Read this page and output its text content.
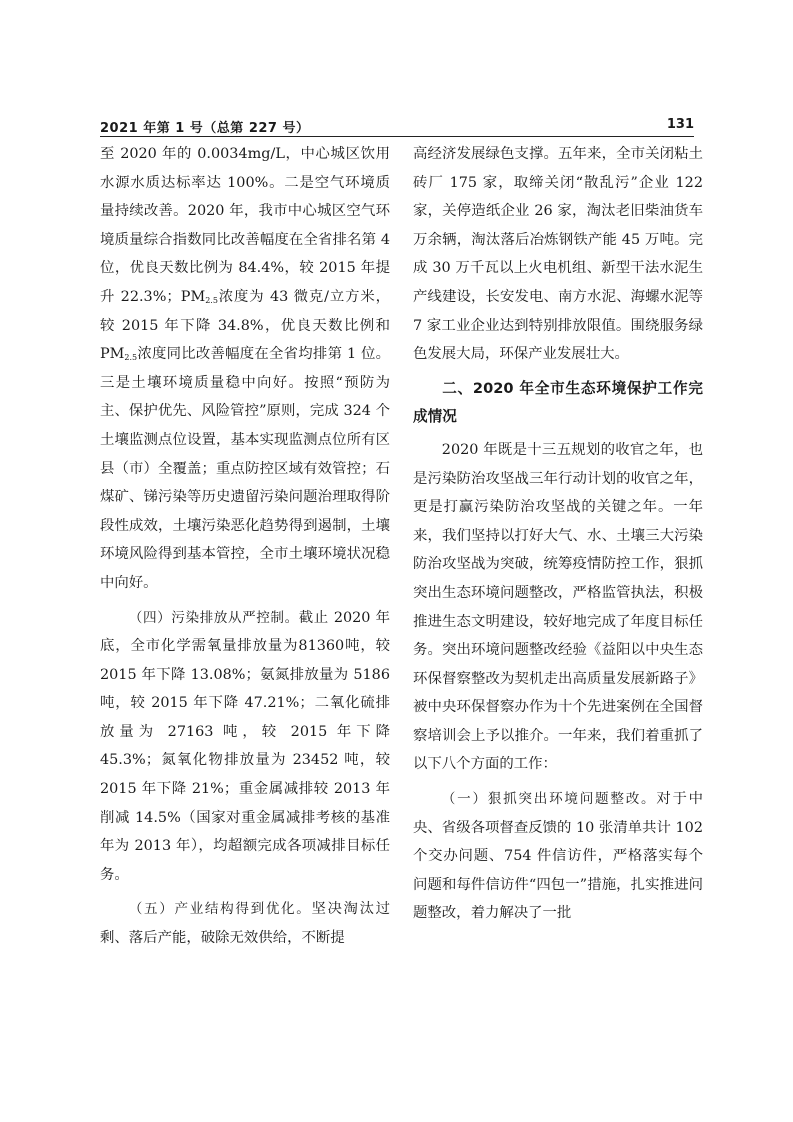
2021 年第 1 号（总第 227 号）	131

至 2020 年的 0.0034mg/L，中心城区饮用水源水质达标率达 100%。二是空气环境质量持续改善。2020 年，我市中心城区空气环境质量综合指数同比改善幅度在全省排名第 4 位，优良天数比例为 84.4%，较 2015 年提升 22.3%；$PM_{2.5}$浓度为 43 微克/立方米，较 2015 年下降 34.8%，优良天数比例和 $PM_{2.5}$浓度同比改善幅度在全省均排第 1 位。三是土壤环境质量稳中向好。按照“预防为主、保护优先、风险管控”原则，完成 324 个土壤监测点位设置，基本实现监测点位所有区县（市）全覆盖；重点防控区域有效管控；石煤矿、锑污染等历史遗留污染问题治理取得阶段性成效，土壤污染恶化趋势得到遏制，土壤环境风险得到基本管控，全市土壤环境状况稳中向好。

（四）污染排放从严控制。截止 2020 年底，全市化学需氧量排放量为81360吨，较 2015 年下降 13.08%；氨氮排放量为 5186 吨，较 2015 年下降 47.21%；二氧化硫排放量为 27163 吨，较 2015 年下降 45.3%；氮氧化物排放量为 23452 吨，较 2015 年下降 21%；重金属减排较 2013 年削减 14.5%（国家对重金属减排考核的基准年为 2013 年），均超额完成各项减排目标任务。

（五）产业结构得到优化。坚决淘汰过剩、落后产能，破除无效供给，不断提

高经济发展绿色支撑。五年来，全市关闭粘土砖厂 175 家，取缔关闭“散乱污”企业 122 家，关停造纸企业 26 家，淘汰老旧柴油货车万余辆，淘汰落后冶炼钢铁产能 45 万吨。完成 30 万千瓦以上火电机组、新型干法水泥生产线建设，长安发电、南方水泥、海螺水泥等 7 家工业企业达到特别排放限值。围绕服务绿色发展大局，环保产业发展壮大。

二、2020 年全市生态环境保护工作完成情况

2020 年既是十三五规划的收官之年，也是污染防治攻坚战三年行动计划的收官之年，更是打赢污染防治攻坚战的关键之年。一年来，我们坚持以打好大气、水、土壤三大污染防治攻坚战为突破，统筹疫情防控工作，狠抓突出生态环境问题整改，严格监管执法，积极推进生态文明建设，较好地完成了年度目标任务。突出环境问题整改经验《益阳以中央生态环保督察整改为契机走出高质量发展新路子》被中央环保督察办作为十个先进案例在全国督察培训会上予以推介。一年来，我们着重抓了以下八个方面的工作：

（一）狠抓突出环境问题整改。对于中央、省级各项督查反馈的 10 张清单共计 102 个交办问题、754 件信访件，严格落实每个问题和每件信访件“四包一”措施，扎实推进问题整改，着力解决了一批
